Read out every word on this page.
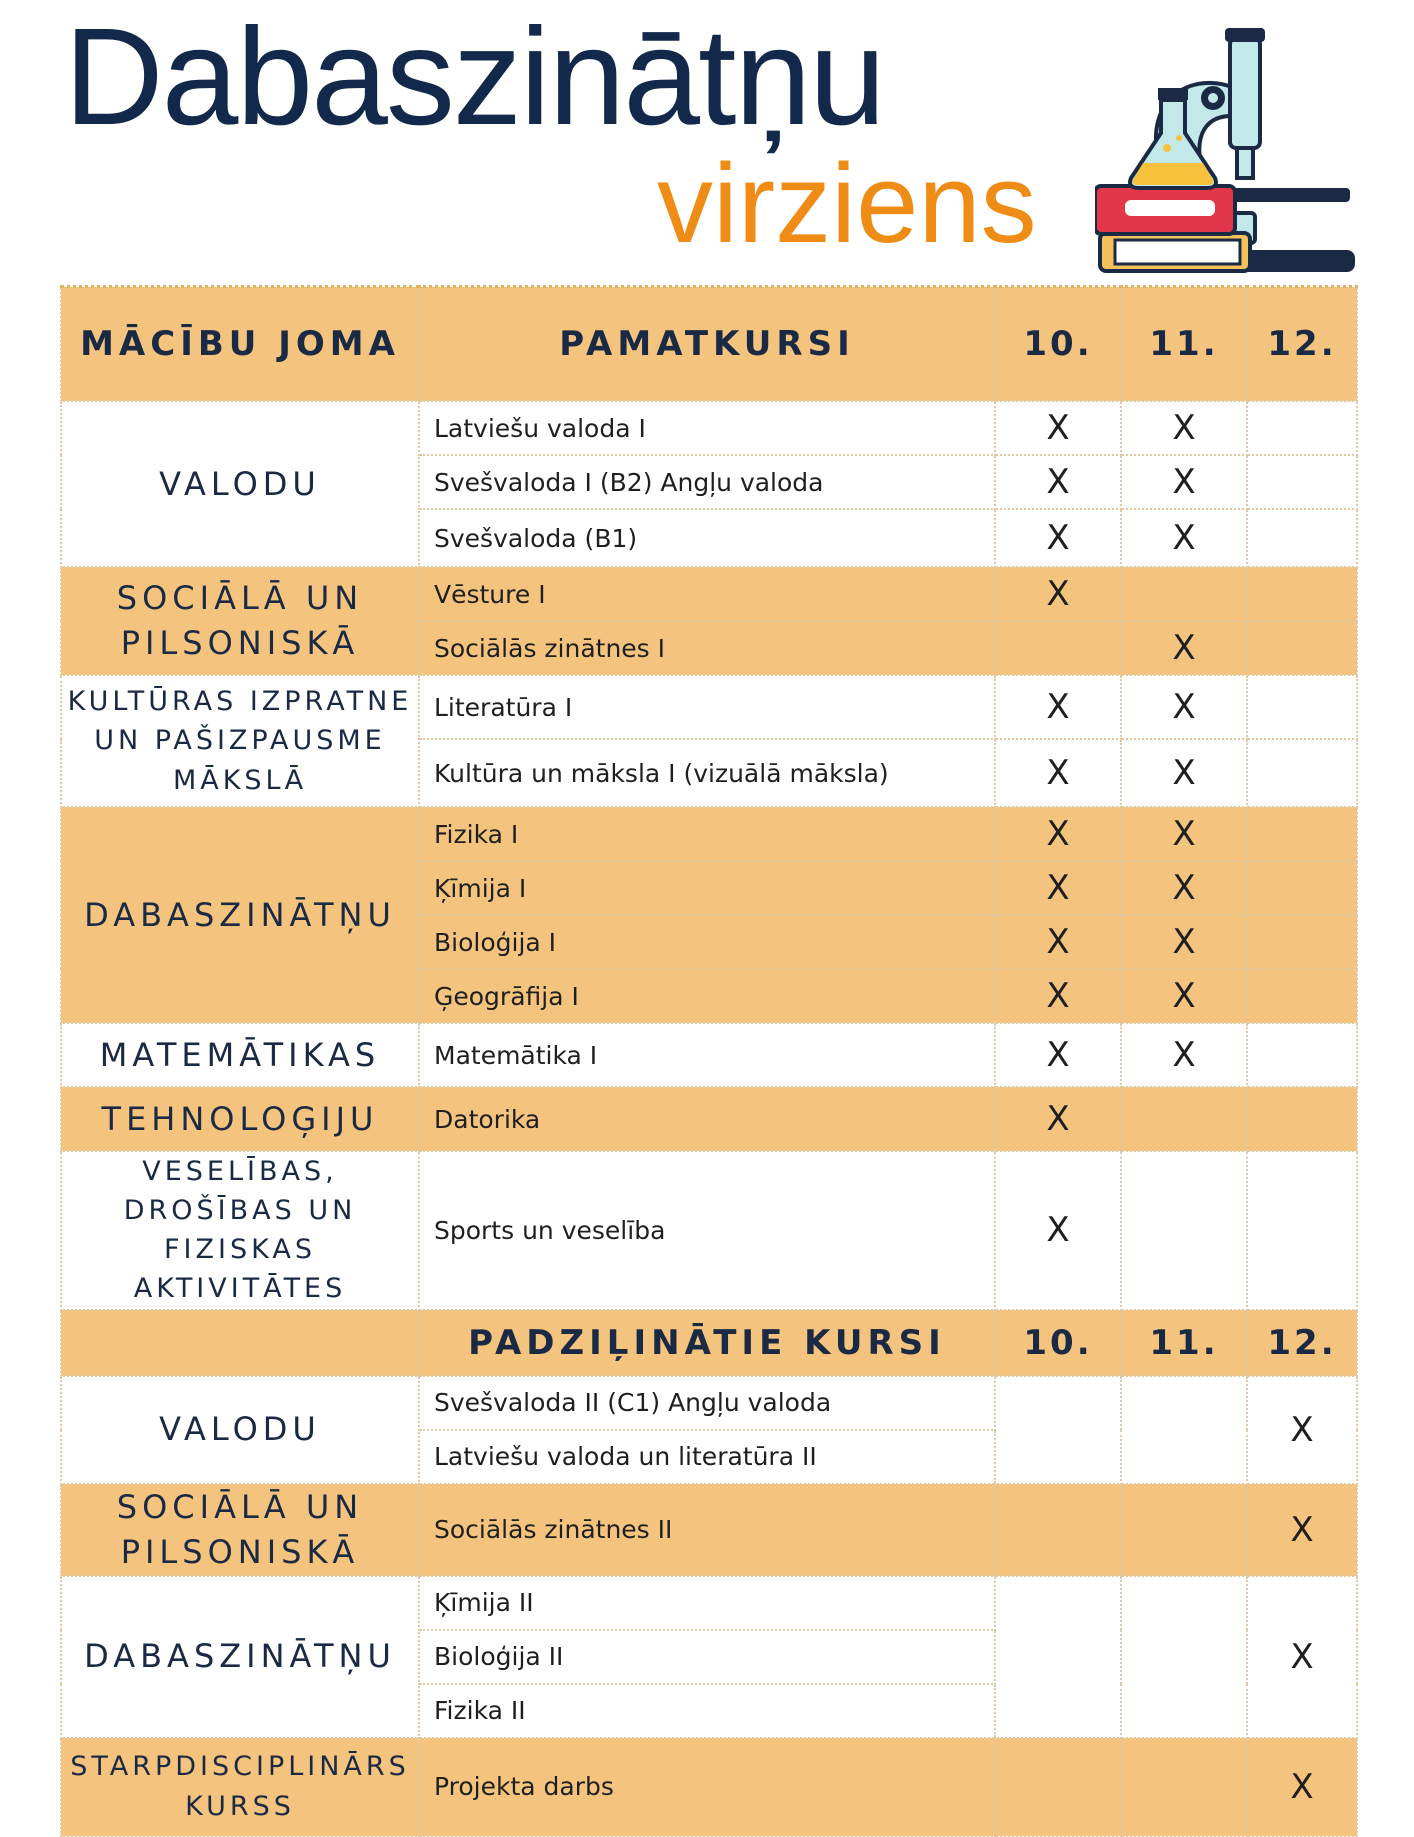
Dabaszinātņu
virziens
MĀCĪBU JOMA	PAMATKURSI	10.	11.	12.
VALODU	Latviešu valoda I	X	X	
	Svešvaloda I (B2) Angļu valoda	X	X	
	Svešvaloda (B1)	X	X	
SOCIĀLĀ UN PILSONISKĀ	Vēsture I	X		
	Sociālās zinātnes I		X	
KULTŪRAS IZPRATNE UN PAŠIZPAUSME MĀKSLĀ	Literatūra I	X	X	
	Kultūra un māksla I (vizuālā māksla)	X	X	
DABASZINĀTŅU	Fizika I	X	X	
	Ķīmija I	X	X	
	Bioloģija I	X	X	
	Ģeogrāfija I	X	X	
MATEMĀTIKAS	Matemātika I	X	X	
TEHNOLOĢIJU	Datorika	X		
VESELĪBAS, DROŠĪBAS UN FIZISKAS AKTIVITĀTES	Sports un veselība	X		
	PADZIĻINĀTIE KURSI	10.	11.	12.
VALODU	Svešvaloda II (C1) Angļu valoda			X
	Latviešu valoda un literatūra II			
SOCIĀLĀ UN PILSONISKĀ	Sociālās zinātnes II			X
DABASZINĀTŅU	Ķīmija II			X
	Bioloģija II			
	Fizika II			
STARPDISCIPLINĀRS KURSS	Projekta darbs			X
